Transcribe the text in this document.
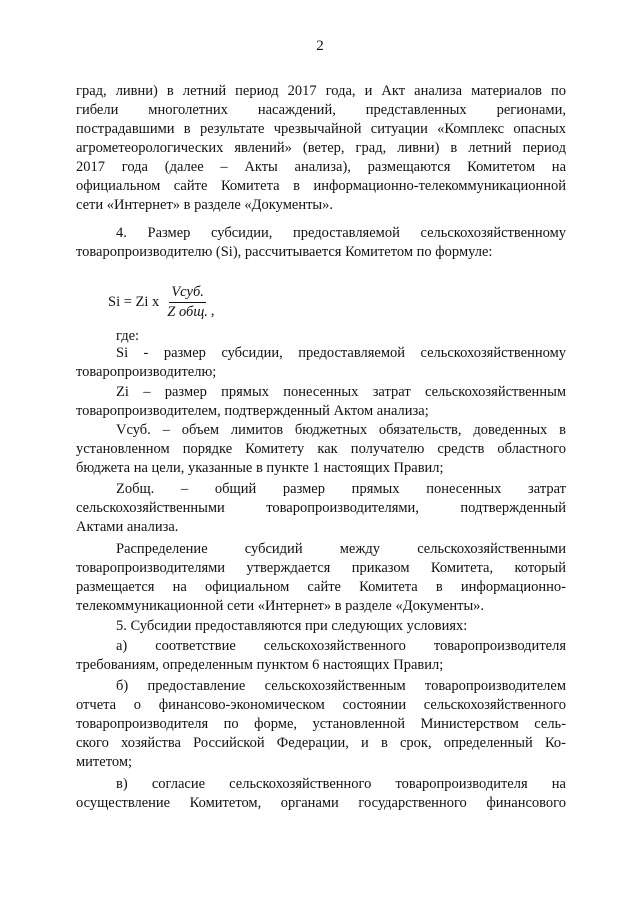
2
град, ливни) в летний период 2017 года, и Акт анализа материалов по
гибели многолетних насаждений, представленных регионами,
пострадавшими в результате чрезвычайной ситуации «Комплекс опасных
агрометеорологических явлений» (ветер, град, ливни) в летний период
2017 года (далее – Акты анализа), размещаются Комитетом на
официальном сайте Комитета в информационно-телекоммуникационной
сети «Интернет» в разделе «Документы».
4. Размер субсидии, предоставляемой сельскохозяйственному
товаропроизводителю (Si), рассчитывается Комитетом по формуле:
Si = Zi x $\frac{\text{Vсуб.}}{\text{Z общ.}}$ ,
где:
Si - размер субсидии, предоставляемой сельскохозяйственному
товаропроизводителю;
Zi – размер прямых понесенных затрат сельскохозяйственным
товаропроизводителем, подтвержденный Актом анализа;
Vсуб. – объем лимитов бюджетных обязательств, доведенных в
установленном порядке Комитету как получателю средств областного
бюджета на цели, указанные в пункте 1 настоящих Правил;
Zобщ. – общий размер прямых понесенных затрат
сельскохозяйственными товаропроизводителями, подтвержденный
Актами анализа.
Распределение субсидий между сельскохозяйственными
товаропроизводителями утверждается приказом Комитета, который
размещается на официальном сайте Комитета в информационно-
телекоммуникационной сети «Интернет» в разделе «Документы».
5. Субсидии предоставляются при следующих условиях:
а) соответствие сельскохозяйственного товаропроизводителя
требованиям, определенным пунктом 6 настоящих Правил;
б) предоставление сельскохозяйственным товаропроизводителем
отчета о финансово-экономическом состоянии сельскохозяйственного
товаропроизводителя по форме, установленной Министерством сель-
ского хозяйства Российской Федерации, и в срок, определенный Ко-
митетом;
в) согласие сельскохозяйственного товаропроизводителя на
осуществление Комитетом, органами государственного финансового
